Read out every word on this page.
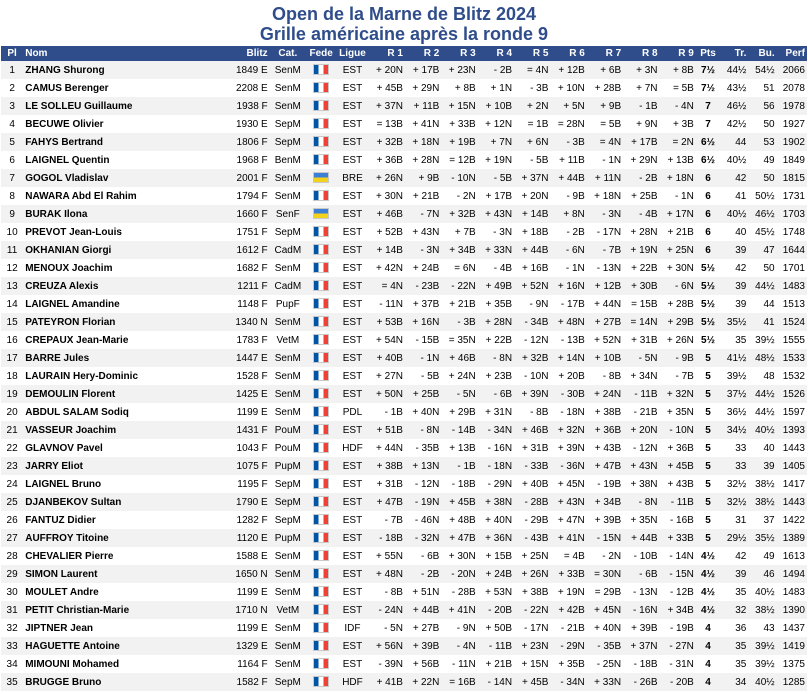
Open de la Marne de Blitz 2024
Grille américaine après la ronde 9
Pl	Nom	Blitz	Cat.	Fede	Ligue	R 1	R 2	R 3	R 4	R 5	R 6	R 7	R 8	R 9	Pts	Tr.	Bu.	Perf
1	ZHANG Shurong	1849 E	SenM		EST	+ 20N	+ 17B	+ 23N	- 2B	= 4N	+ 12B	+ 6B	+ 3N	+ 8B	7½	44½	54½	2066
2	CAMUS Berenger	2208 E	SenM		EST	+ 45B	+ 29N	+ 8B	+ 1N	- 3B	+ 10N	+ 28B	+ 7N	= 5B	7½	43½	51	2078
3	LE SOLLEU Guillaume	1938 F	SenM		EST	+ 37N	+ 11B	+ 15N	+ 10B	+ 2N	+ 5N	+ 9B	- 1B	- 4N	7	46½	56	1978
4	BECUWE Olivier	1930 E	SepM		EST	= 13B	+ 41N	+ 33B	+ 12N	= 1B	= 28N	= 5B	+ 9N	+ 3B	7	42½	50	1927
5	FAHYS Bertrand	1806 F	SepM		EST	+ 32B	+ 18N	+ 19B	+ 7N	+ 6N	- 3B	= 4N	+ 17B	= 2N	6½	44	53	1902
6	LAIGNEL Quentin	1968 F	BenM		EST	+ 36B	+ 28N	= 12B	+ 19N	- 5B	+ 11B	- 1N	+ 29N	+ 13B	6½	40½	49	1849
7	GOGOL Vladislav	2001 F	SenM		BRE	+ 26N	+ 9B	- 10N	- 5B	+ 37N	+ 44B	+ 11N	- 2B	+ 18N	6	42	50	1815
8	NAWARA Abd El Rahim	1794 F	SenM		EST	+ 30N	+ 21B	- 2N	+ 17B	+ 20N	- 9B	+ 18N	+ 25B	- 1N	6	41	50½	1731
9	BURAK Ilona	1660 F	SenF		EST	+ 46B	- 7N	+ 32B	+ 43N	+ 14B	+ 8N	- 3N	- 4B	+ 17N	6	40½	46½	1703
10	PREVOT Jean-Louis	1751 F	SepM		EST	+ 52B	+ 43N	+ 7B	- 3N	+ 18B	- 2B	- 17N	+ 28N	+ 21B	6	40	45½	1748
11	OKHANIAN Giorgi	1612 F	CadM		EST	+ 14B	- 3N	+ 34B	+ 33N	+ 44B	- 6N	- 7B	+ 19N	+ 25N	6	39	47	1644
12	MENOUX Joachim	1682 F	SenM		EST	+ 42N	+ 24B	= 6N	- 4B	+ 16B	- 1N	- 13N	+ 22B	+ 30N	5½	42	50	1701
13	CREUZA Alexis	1211 F	CadM		EST	= 4N	- 23B	- 22N	+ 49B	+ 52N	+ 16N	+ 12B	+ 30B	- 6N	5½	39	44½	1483
14	LAIGNEL Amandine	1148 F	PupF		EST	- 11N	+ 37B	+ 21B	+ 35B	- 9N	- 17B	+ 44N	= 15B	+ 28B	5½	39	44	1513
15	PATEYRON Florian	1340 N	SenM		EST	+ 53B	+ 16N	- 3B	+ 28N	- 34B	+ 48N	+ 27B	= 14N	+ 29B	5½	35½	41	1524
16	CREPAUX Jean-Marie	1783 F	VetM		EST	+ 54N	- 15B	= 35N	+ 22B	- 12N	- 13B	+ 52N	+ 31B	+ 26N	5½	35	39½	1555
17	BARRE Jules	1447 E	SenM		EST	+ 40B	- 1N	+ 46B	- 8N	+ 32B	+ 14N	+ 10B	- 5N	- 9B	5	41½	48½	1533
18	LAURAIN Hery-Dominic	1528 F	SenM		EST	+ 27N	- 5B	+ 24N	+ 23B	- 10N	+ 20B	- 8B	+ 34N	- 7B	5	39½	48	1532
19	DEMOULIN Florent	1425 E	SenM		EST	+ 50N	+ 25B	- 5N	- 6B	+ 39N	- 30B	+ 24N	- 11B	+ 32N	5	37½	44½	1526
20	ABDUL SALAM Sodiq	1199 E	SenM		PDL	- 1B	+ 40N	+ 29B	+ 31N	- 8B	- 18N	+ 38B	- 21B	+ 35N	5	36½	44½	1597
21	VASSEUR Joachim	1431 F	PouM		EST	+ 51B	- 8N	- 14B	- 34N	+ 46B	+ 32N	+ 36B	+ 20N	- 10N	5	34½	40½	1393
22	GLAVNOV Pavel	1043 F	PouM		HDF	+ 44N	- 35B	+ 13B	- 16N	+ 31B	+ 39N	+ 43B	- 12N	+ 36B	5	33	40	1443
23	JARRY Eliot	1075 F	PupM		EST	+ 38B	+ 13N	- 1B	- 18N	- 33B	- 36N	+ 47B	+ 43N	+ 45B	5	33	39	1405
24	LAIGNEL Bruno	1195 F	SepM		EST	+ 31B	- 12N	- 18B	- 29N	+ 40B	+ 45N	- 19B	+ 38N	+ 43B	5	32½	38½	1417
25	DJANBEKOV Sultan	1790 E	SepM		EST	+ 47B	- 19N	+ 45B	+ 38N	- 28B	+ 43N	+ 34B	- 8N	- 11B	5	32½	38½	1443
26	FANTUZ Didier	1282 F	SepM		EST	- 7B	- 46N	+ 48B	+ 40N	- 29B	+ 47N	+ 39B	+ 35N	- 16B	5	31	37	1422
27	AUFFROY Titoine	1120 E	PupM		EST	- 18B	- 32N	+ 47B	+ 36N	- 43B	+ 41N	- 15N	+ 44B	+ 33B	5	29½	35½	1389
28	CHEVALIER Pierre	1588 E	SenM		EST	+ 55N	- 6B	+ 30N	+ 15B	+ 25N	= 4B	- 2N	- 10B	- 14N	4½	42	49	1613
29	SIMON Laurent	1650 N	SenM		EST	+ 48N	- 2B	- 20N	+ 24B	+ 26N	+ 33B	= 30N	- 6B	- 15N	4½	39	46	1494
30	MOULET Andre	1199 E	SenM		EST	- 8B	+ 51N	- 28B	+ 53N	+ 38B	+ 19N	= 29B	- 13N	- 12B	4½	35	40½	1483
31	PETIT Christian-Marie	1710 N	VetM		EST	- 24N	+ 44B	+ 41N	- 20B	- 22N	+ 42B	+ 45N	- 16N	+ 34B	4½	32	38½	1390
32	JIPTNER Jean	1199 E	SenM		IDF	- 5N	+ 27B	- 9N	+ 50B	- 17N	- 21B	+ 40N	+ 39B	- 19B	4	36	43	1437
33	HAGUETTE Antoine	1329 E	SenM		EST	+ 56N	+ 39B	- 4N	- 11B	+ 23N	- 29N	- 35B	+ 37N	- 27N	4	35	39½	1419
34	MIMOUNI Mohamed	1164 F	SenM		EST	- 39N	+ 56B	- 11N	+ 21B	+ 15N	+ 35B	- 25N	- 18B	- 31N	4	35	39½	1375
35	BRUGGE Bruno	1582 F	SepM		HDF	+ 41B	+ 22N	= 16B	- 14N	+ 45B	- 34N	+ 33N	- 26B	- 20B	4	34	40½	1285
